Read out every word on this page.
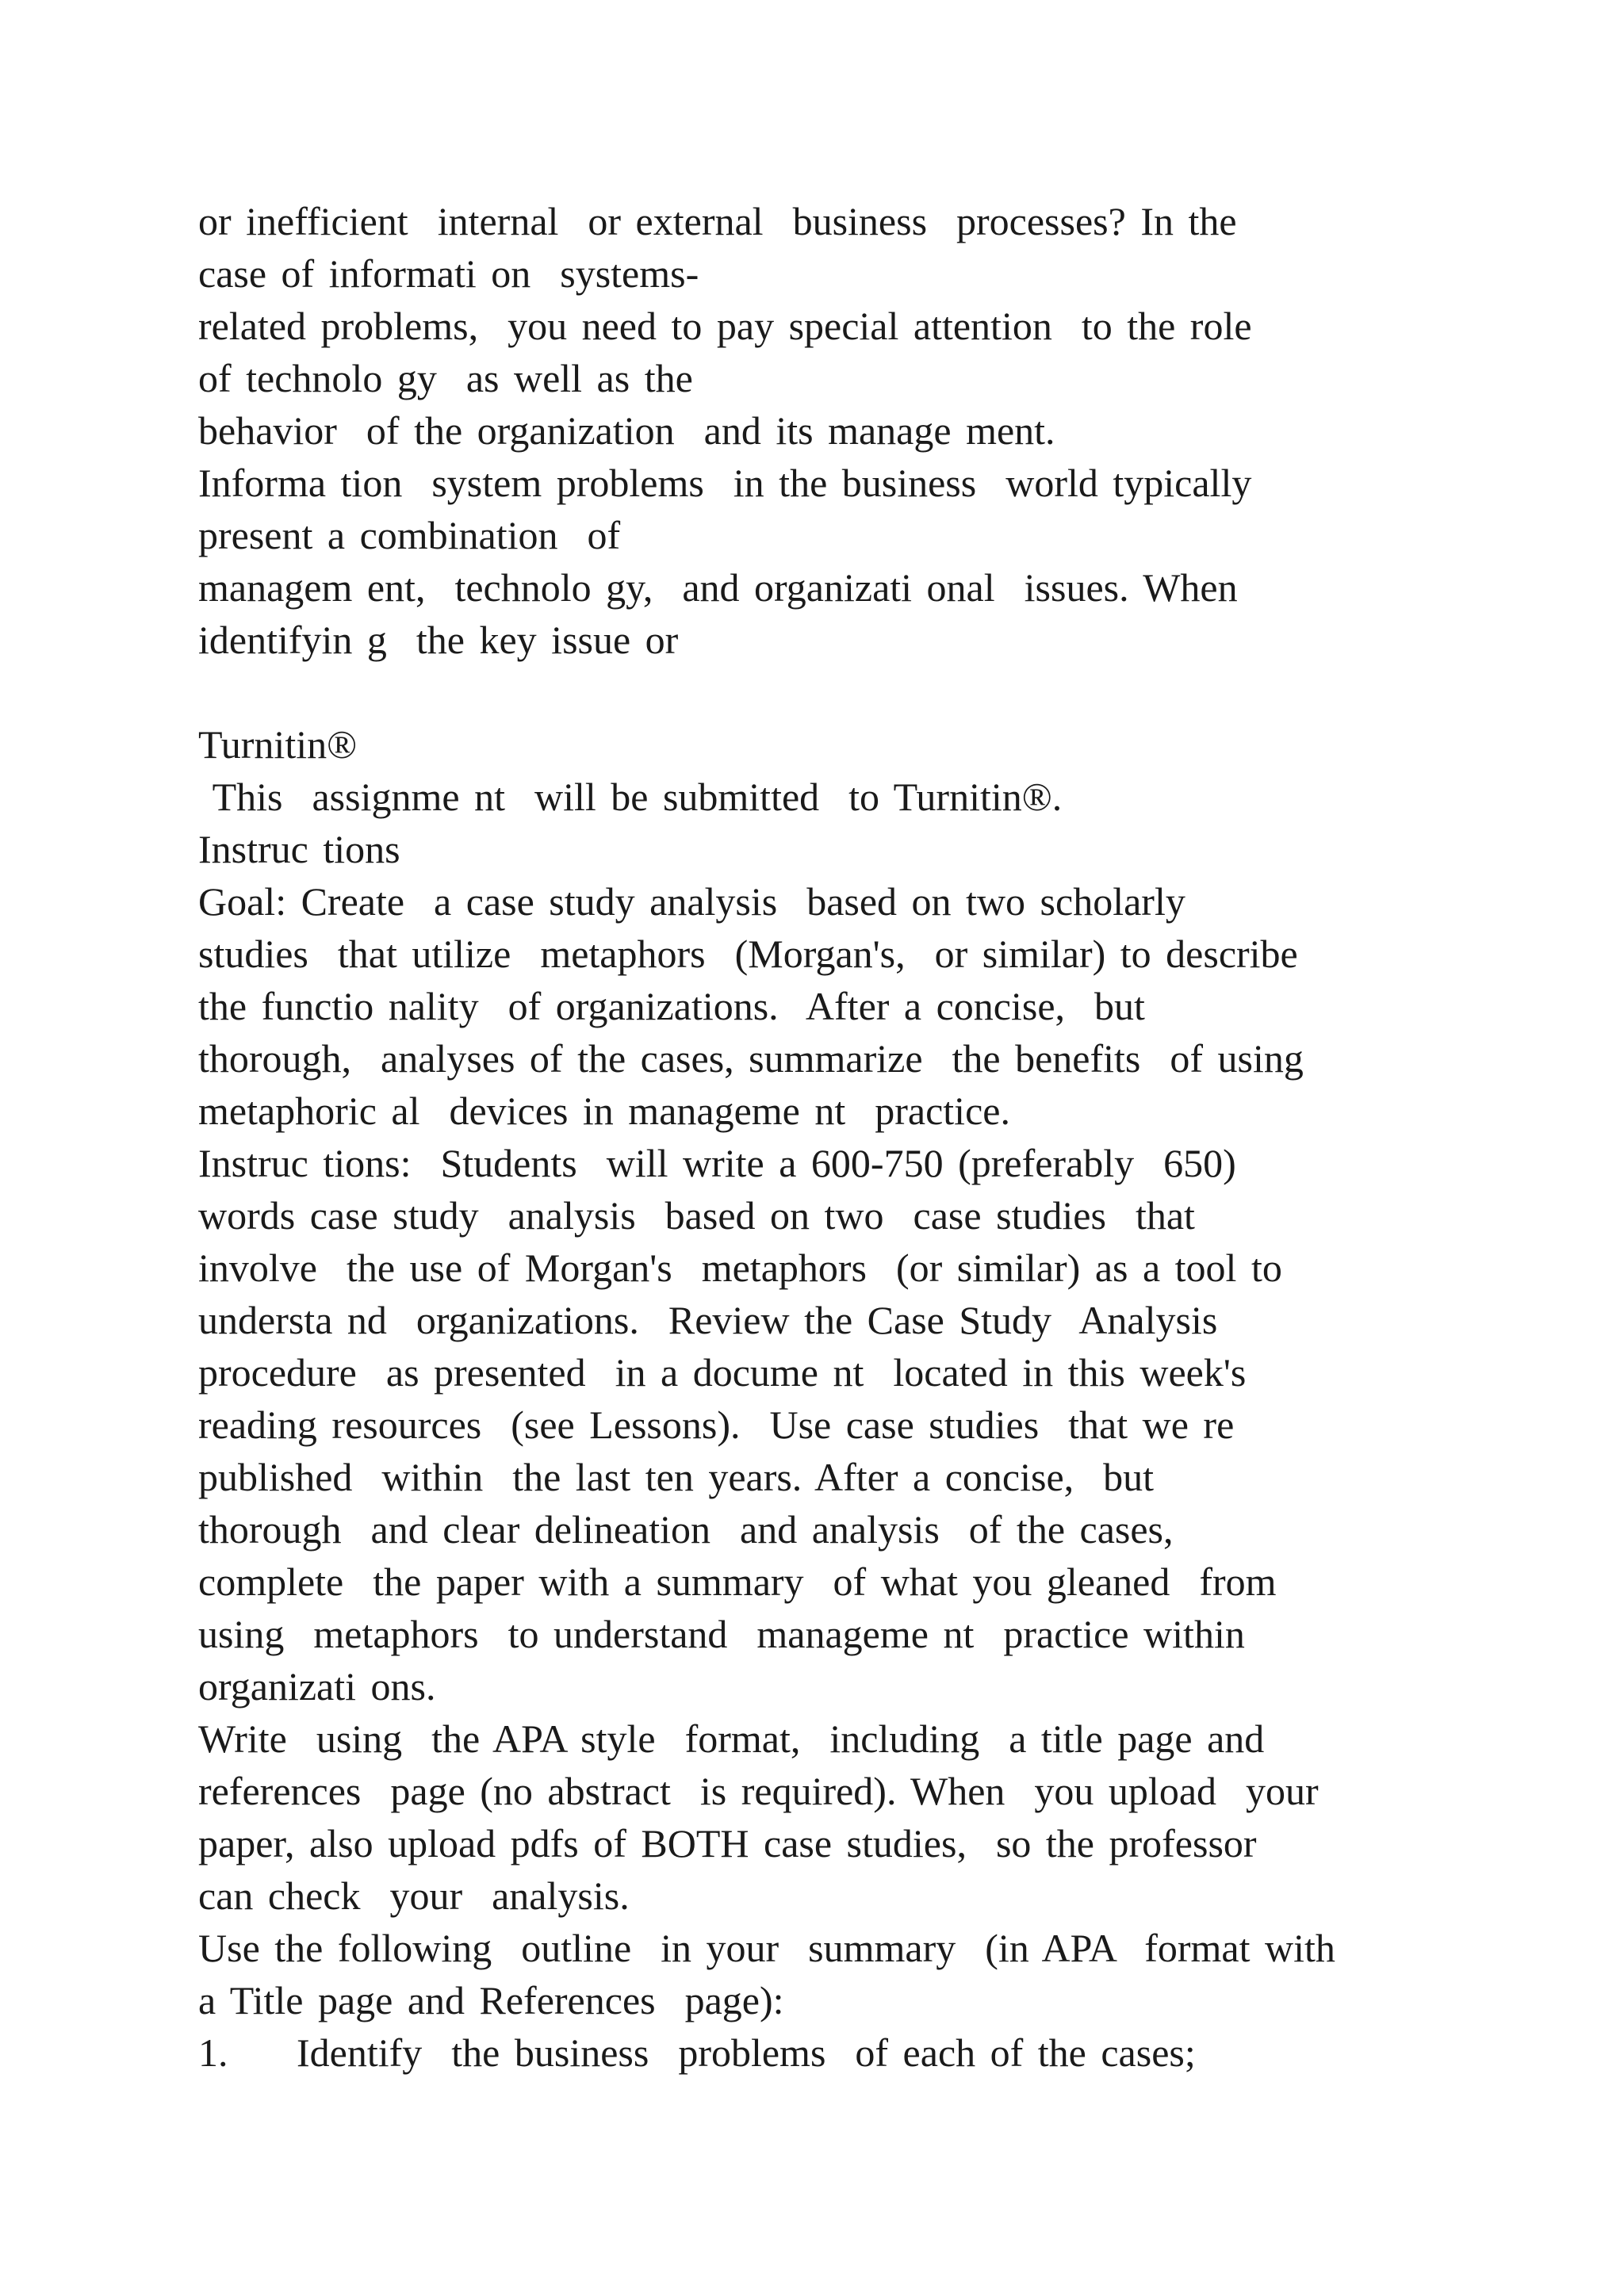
or inefficient  internal  or external  business  processes? In the
case of informati on  systems-
related problems,  you need to pay special attention  to the role
of technolo gy  as well as the
behavior  of the organization  and its manage ment.
Informa tion  system problems  in the business  world typically
present a combination  of
managem ent,  technolo gy,  and organizati onal  issues. When
identifyin g  the key issue or
Turnitin®
This  assignme nt  will be submitted  to Turnitin®.
Instruc tions
Goal: Create  a case study analysis  based on two scholarly
studies  that utilize  metaphors  (Morgan's,  or similar) to describe
the functio nality  of organizations.  After a concise,  but
thorough,  analyses of the cases, summarize  the benefits  of using
metaphoric al  devices in manageme nt  practice.
Instruc tions:  Students  will write a 600-750 (preferably  650)
words case study  analysis  based on two  case studies  that
involve  the use of Morgan's  metaphors  (or similar) as a tool to
understa nd  organizations.  Review the Case Study  Analysis
procedure  as presented  in a docume nt  located in this week's
reading resources  (see Lessons).  Use case studies  that we re
published  within  the last ten years. After a concise,  but
thorough  and clear delineation  and analysis  of the cases,
complete  the paper with a summary  of what you gleaned  from
using  metaphors  to understand  manageme nt  practice within
organizati ons.
Write  using  the APA style  format,  including  a title page and
references  page (no abstract  is required). When  you upload  your
paper, also upload pdfs of BOTH case studies,  so the professor
can check  your  analysis.
Use the following  outline  in your  summary  (in APA  format with
a Title page and References  page):
1. Identify  the business  problems  of each of the cases;
